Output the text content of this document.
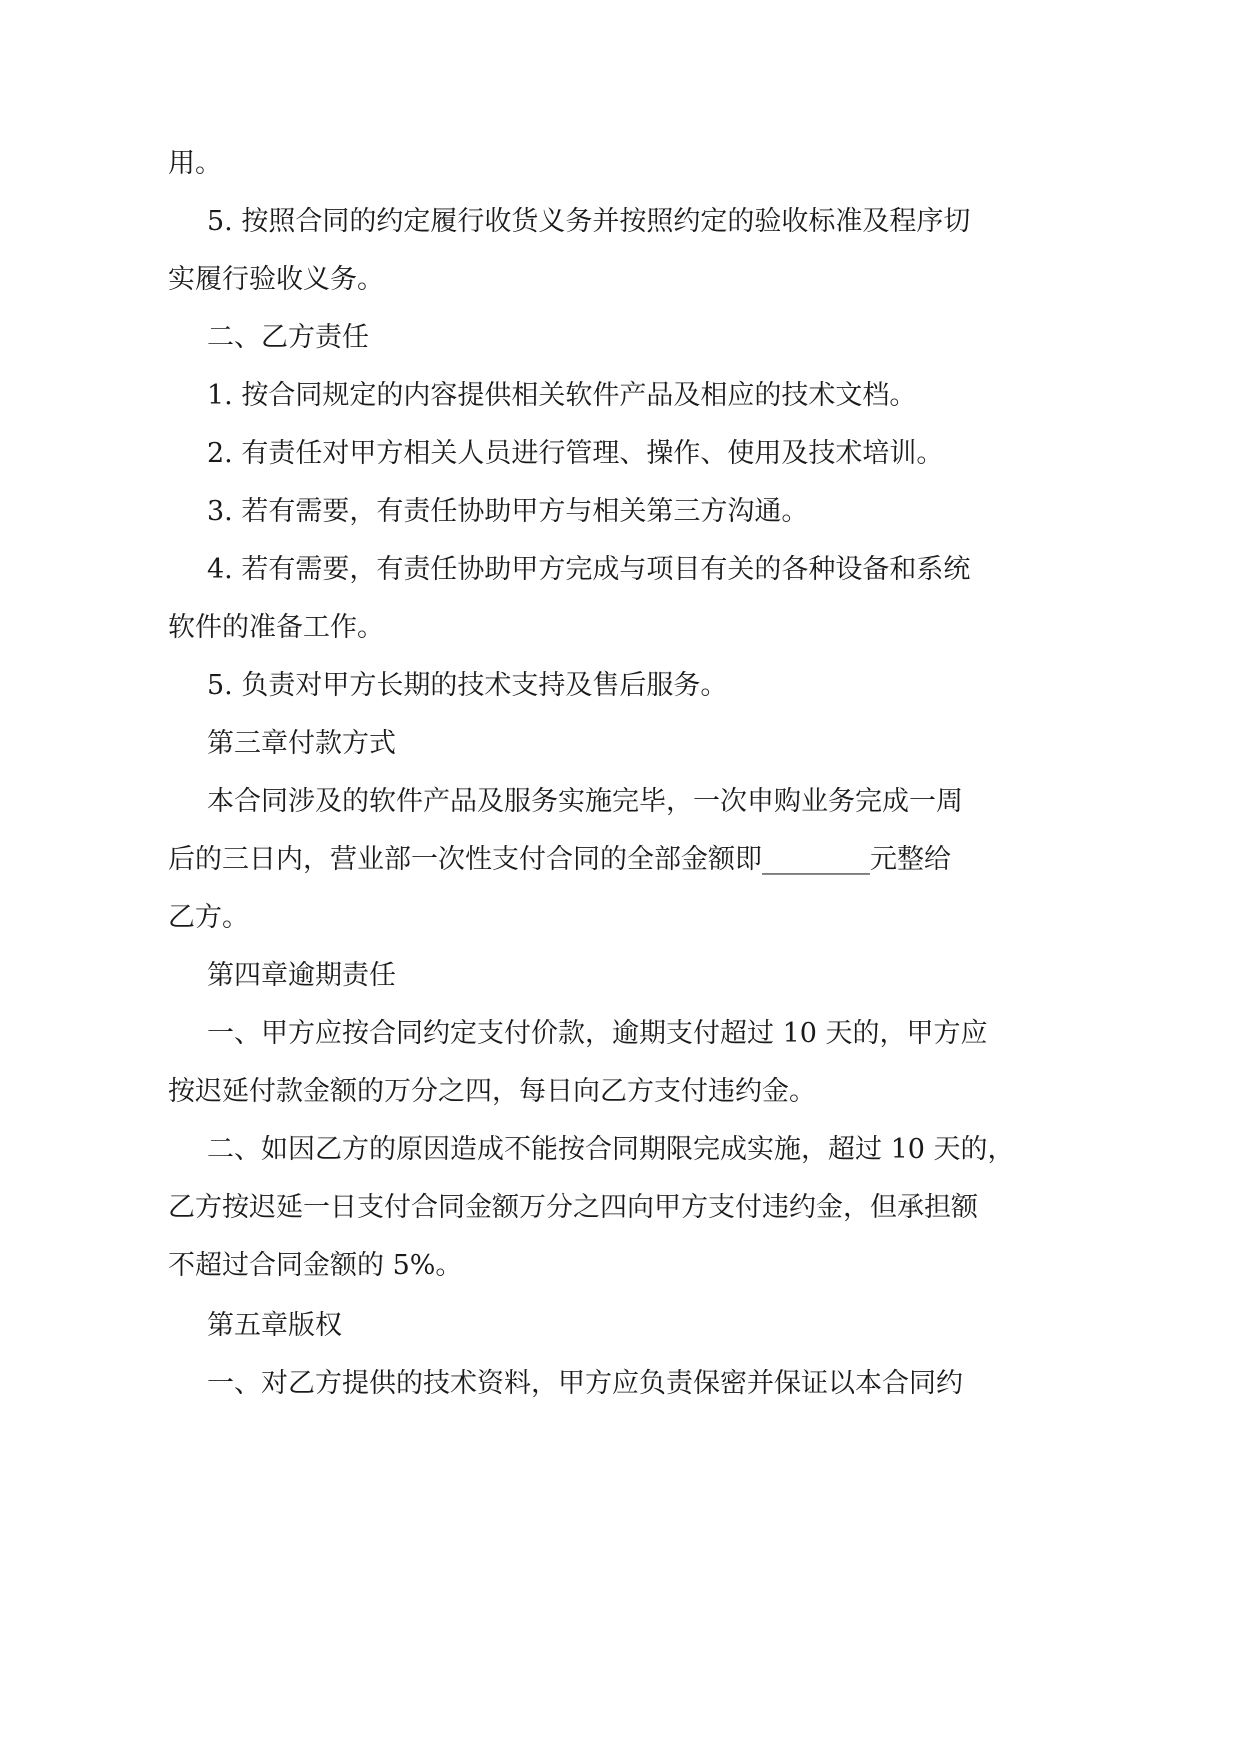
用。
5. 按照合同的约定履行收货义务并按照约定的验收标准及程序切
实履行验收义务。
二、乙方责任
1. 按合同规定的内容提供相关软件产品及相应的技术文档。
2. 有责任对甲方相关人员进行管理、操作、使用及技术培训。
3. 若有需要，有责任协助甲方与相关第三方沟通。
4. 若有需要，有责任协助甲方完成与项目有关的各种设备和系统
软件的准备工作。
5. 负责对甲方长期的技术支持及售后服务。
第三章付款方式
本合同涉及的软件产品及服务实施完毕，一次申购业务完成一周
后的三日内，营业部一次性支付合同的全部金额即________元整给
乙方。
第四章逾期责任
一、甲方应按合同约定支付价款，逾期支付超过 10 天的，甲方应
按迟延付款金额的万分之四，每日向乙方支付违约金。
二、如因乙方的原因造成不能按合同期限完成实施，超过 10 天的，
乙方按迟延一日支付合同金额万分之四向甲方支付违约金，但承担额
不超过合同金额的 5%。
第五章版权
一、对乙方提供的技术资料，甲方应负责保密并保证以本合同约
